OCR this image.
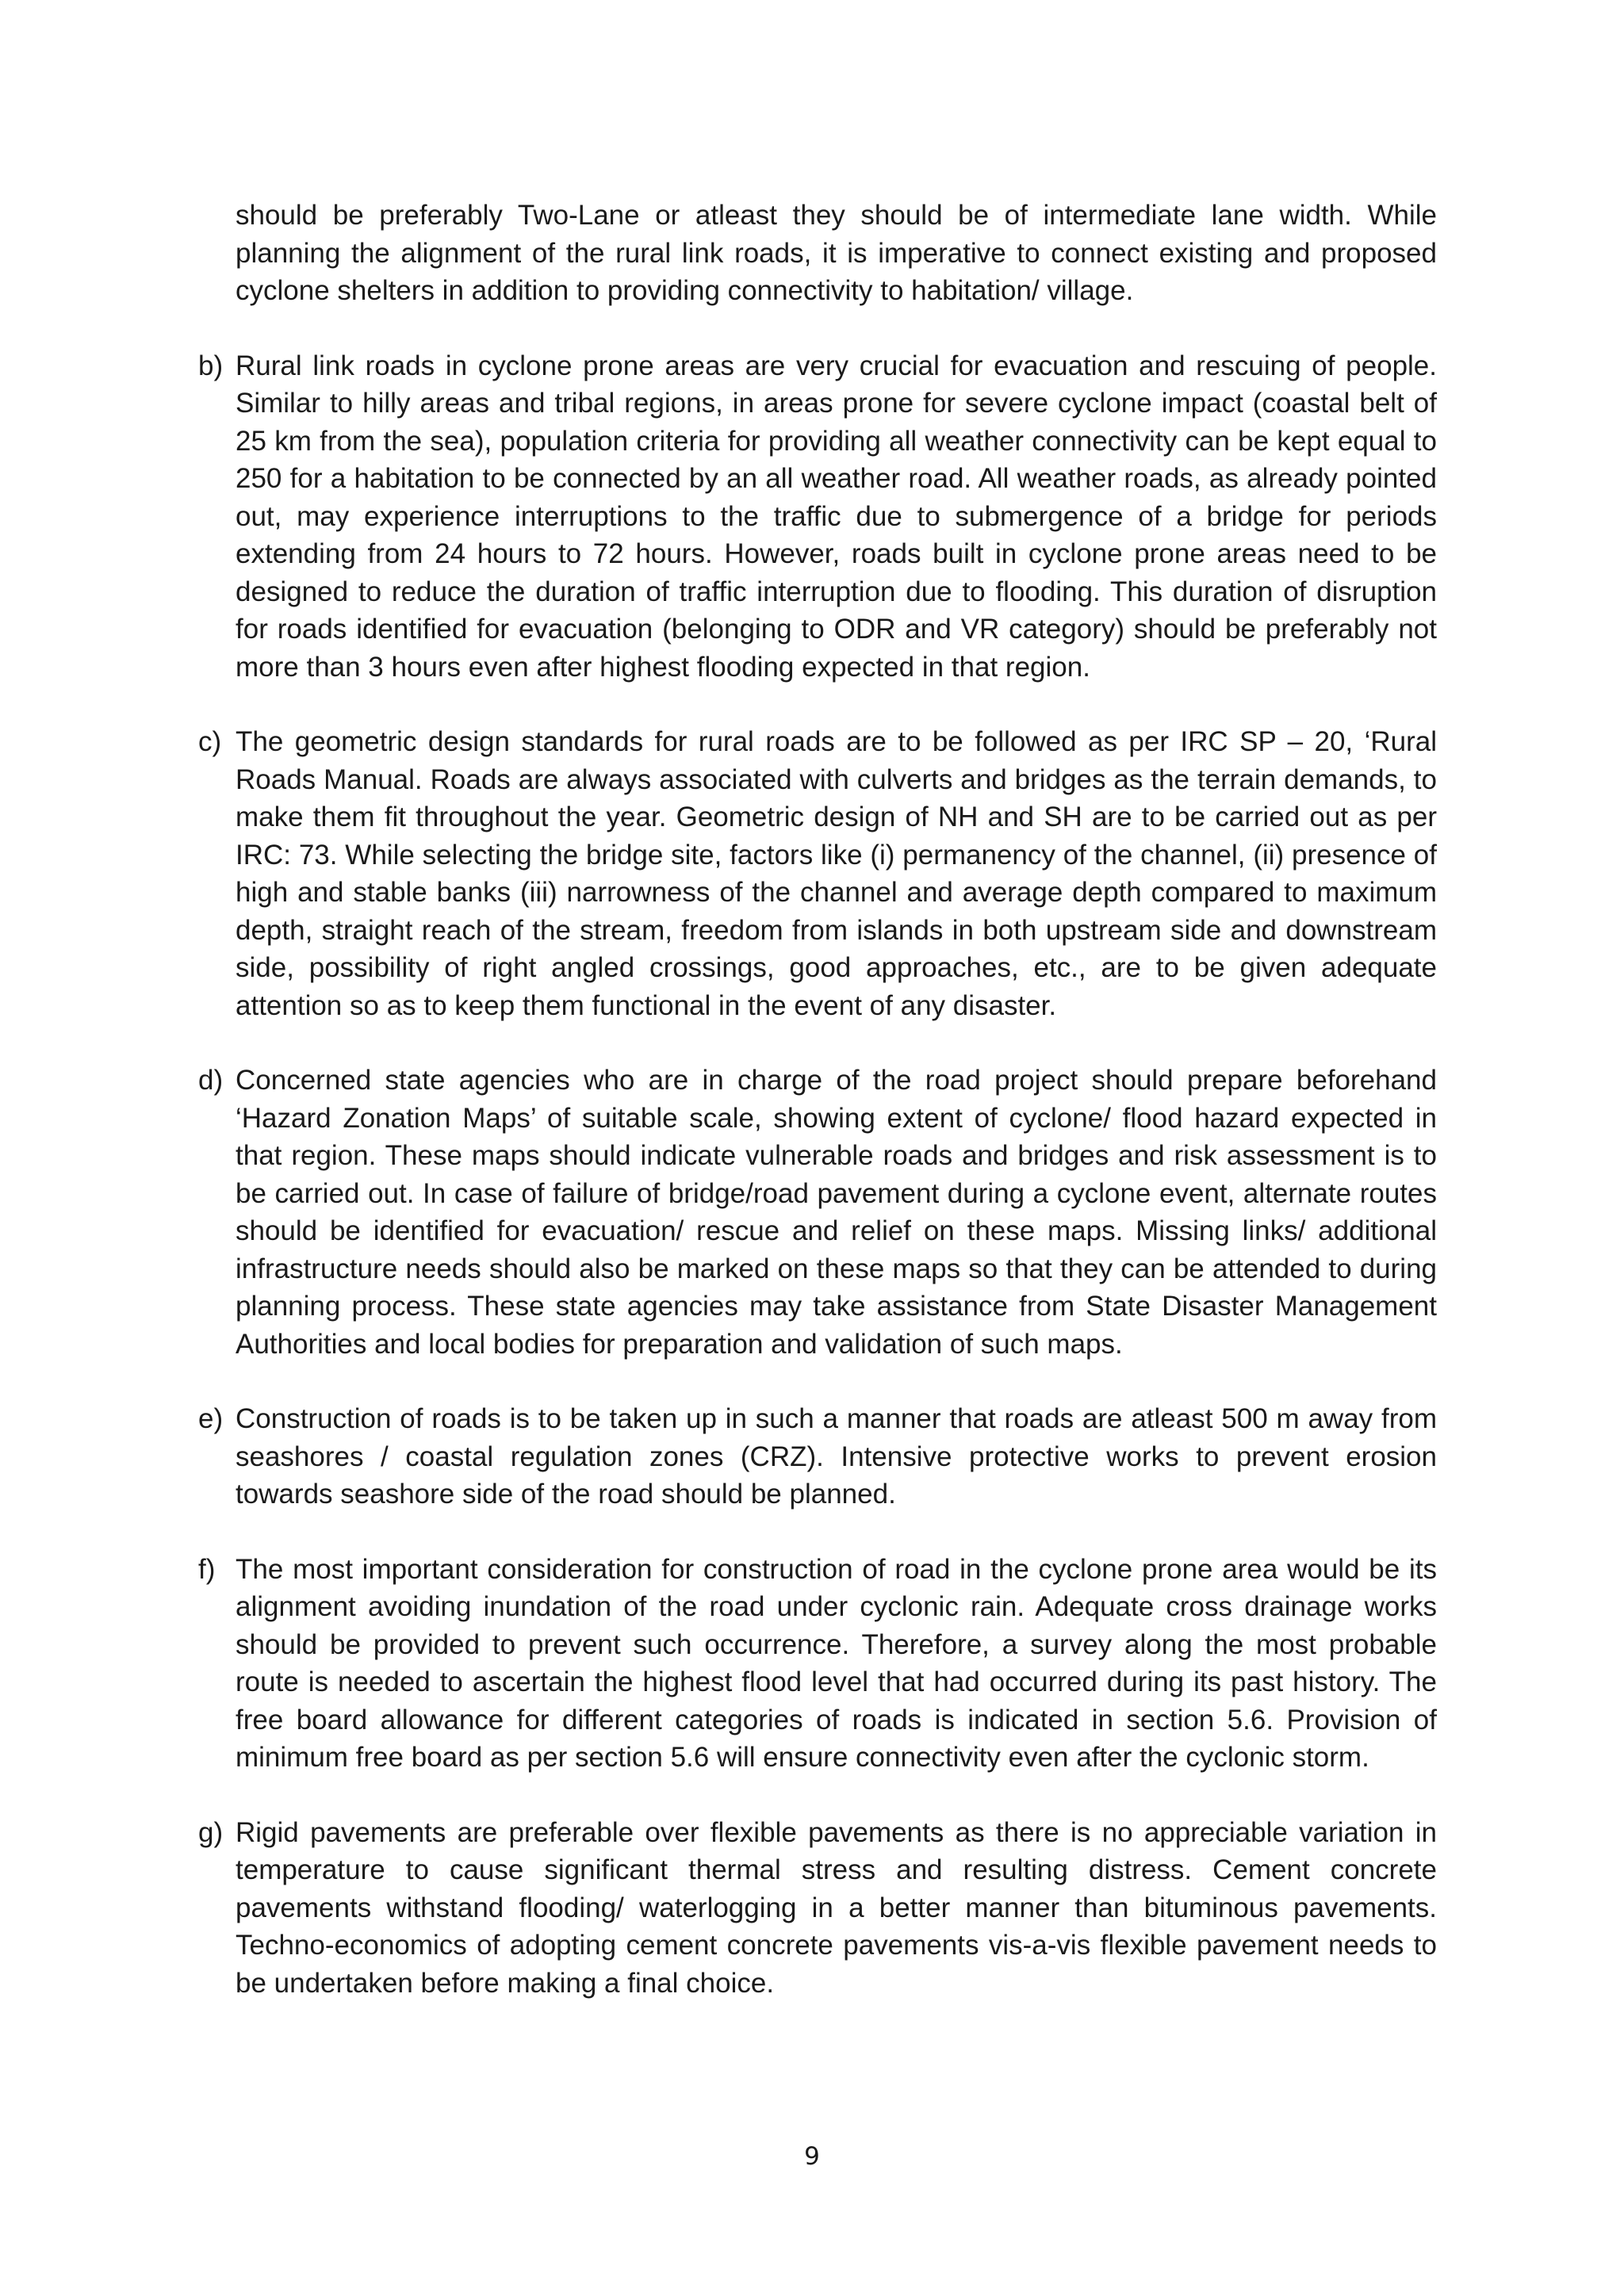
should be preferably Two-Lane or atleast they should be of intermediate lane width. While planning the alignment of the rural link roads, it is imperative to connect existing and proposed cyclone shelters in addition to providing connectivity to habitation/ village.

b) Rural link roads in cyclone prone areas are very crucial for evacuation and rescuing of people. Similar to hilly areas and tribal regions, in areas prone for severe cyclone impact (coastal belt of 25 km from the sea), population criteria for providing all weather connectivity can be kept equal to 250 for a habitation to be connected by an all weather road. All weather roads, as already pointed out, may experience interruptions to the traffic due to submergence of a bridge for periods extending from 24 hours to 72 hours. However, roads built in cyclone prone areas need to be designed to reduce the duration of traffic interruption due to flooding. This duration of disruption for roads identified for evacuation (belonging to ODR and VR category) should be preferably not more than 3 hours even after highest flooding expected in that region.

c) The geometric design standards for rural roads are to be followed as per IRC SP – 20, ‘Rural Roads Manual. Roads are always associated with culverts and bridges as the terrain demands, to make them fit throughout the year. Geometric design of NH and SH are to be carried out as per IRC: 73. While selecting the bridge site, factors like (i) permanency of the channel, (ii) presence of high and stable banks (iii) narrowness of the channel and average depth compared to maximum depth, straight reach of the stream, freedom from islands in both upstream side and downstream side, possibility of right angled crossings, good approaches, etc., are to be given adequate attention so as to keep them functional in the event of any disaster.

d) Concerned state agencies who are in charge of the road project should prepare beforehand ‘Hazard Zonation Maps’ of suitable scale, showing extent of cyclone/ flood hazard expected in that region. These maps should indicate vulnerable roads and bridges and risk assessment is to be carried out. In case of failure of bridge/road pavement during a cyclone event, alternate routes should be identified for evacuation/ rescue and relief on these maps. Missing links/ additional infrastructure needs should also be marked on these maps so that they can be attended to during planning process. These state agencies may take assistance from State Disaster Management Authorities and local bodies for preparation and validation of such maps.

e) Construction of roads is to be taken up in such a manner that roads are atleast 500 m away from seashores / coastal regulation zones (CRZ). Intensive protective works to prevent erosion towards seashore side of the road should be planned.

f) The most important consideration for construction of road in the cyclone prone area would be its alignment avoiding inundation of the road under cyclonic rain. Adequate cross drainage works should be provided to prevent such occurrence. Therefore, a survey along the most probable route is needed to ascertain the highest flood level that had occurred during its past history. The free board allowance for different categories of roads is indicated in section 5.6. Provision of minimum free board as per section 5.6 will ensure connectivity even after the cyclonic storm.

g) Rigid pavements are preferable over flexible pavements as there is no appreciable variation in temperature to cause significant thermal stress and resulting distress. Cement concrete pavements withstand flooding/ waterlogging in a better manner than bituminous pavements. Techno-economics of adopting cement concrete pavements vis-a-vis flexible pavement needs to be undertaken before making a final choice.

9
